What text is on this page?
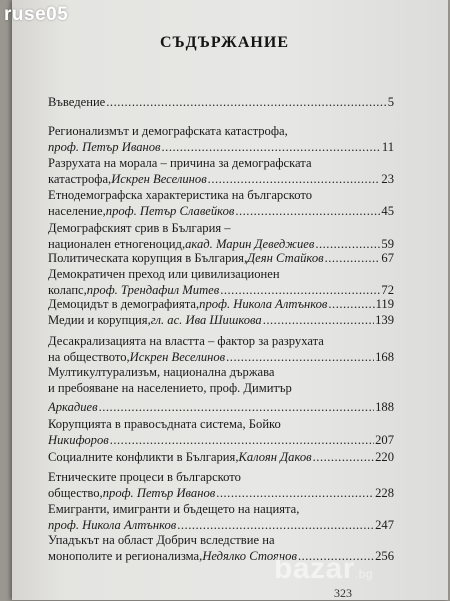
СЪДЪРЖАНИЕ
Въведение .....	5
Регионализмът и демографската катастрофа,
проф. Петър Иванов .....	11
Разрухата на морала – причина за демографската
катастрофа, Искрен Веселинов .....	23
Етнодемографска характеристика на българското
население, проф. Петър Славейков .....	45
Демографският срив в България –
национален етногеноцид, акад. Марин Деведжиев .....	59
Политическата корупция в България, Деян Стайков .....	67
Демократичен преход или цивилизационен
колапс, проф. Трендафил Митев .....	72
Демоцидът в демографията, проф. Никола Алтънков .....	119
Медии и корупция, гл. ас. Ива Шишкова .....	139
Десакрализацията на властта – фактор за разрухата
на обществото, Искрен Веселинов .....	168
Мултикултурализъм, национална държава
и пребояване на населението, проф. Димитър
Аркадиев .....	188
Корупцията в правосъдната система, Бойко
Никифоров .....	207
Социалните конфликти в България, Калоян Даков .....	220
Етническите процеси в българското
общество, проф. Петър Иванов .....	228
Емигранти, имигранти и бъдещето на нацията,
проф. Никола Алтънков .....	247
Упадъкът на област Добрич вследствие на
монополите и регионализма, Недялко Стоянов .....	256
bazar.bg
323
ruse05
